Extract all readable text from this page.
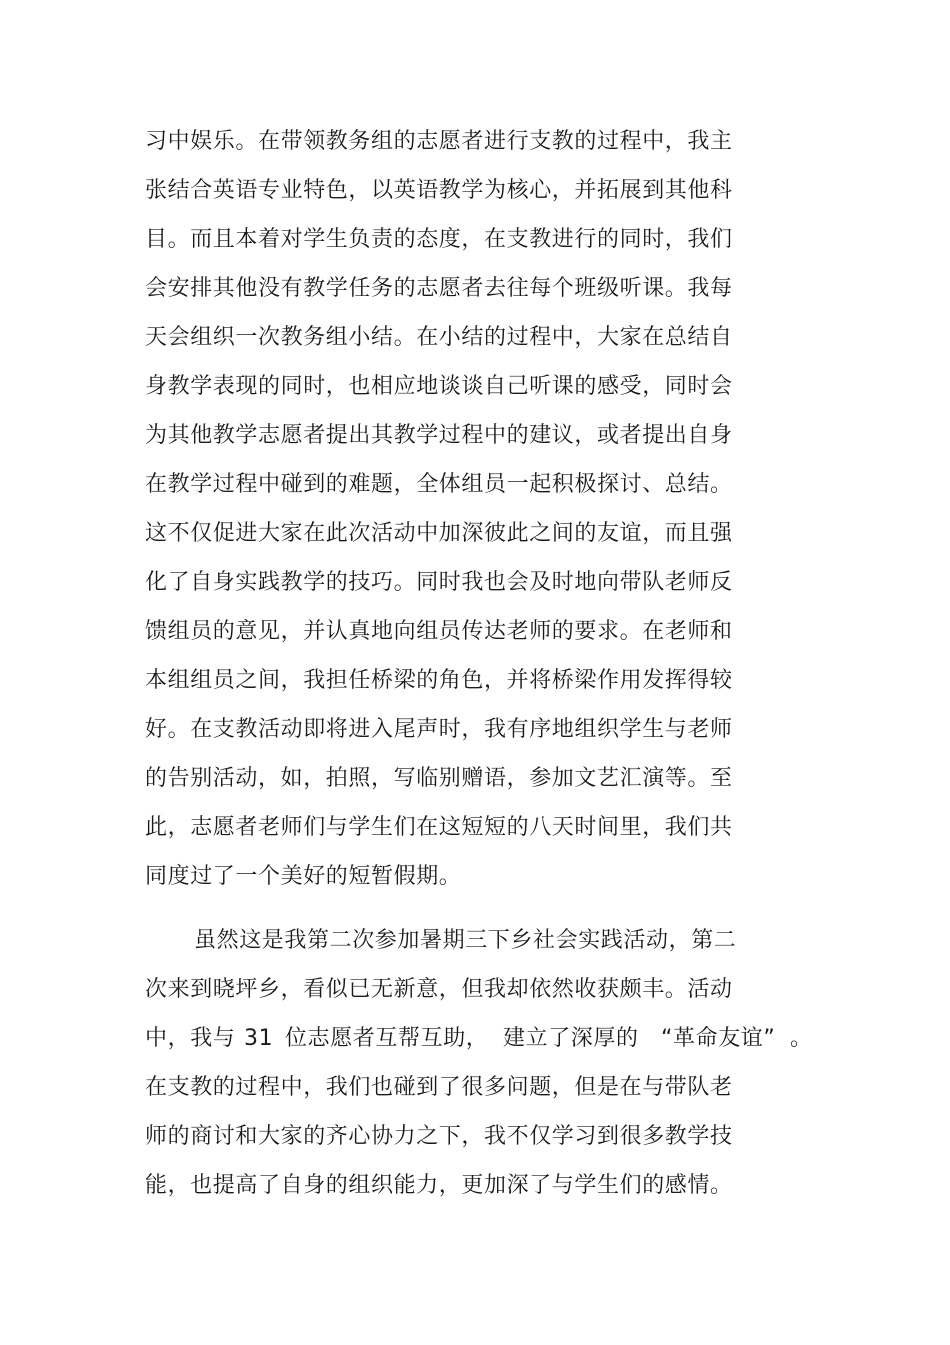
习中娱乐。在带领教务组的志愿者进行支教的过程中，我主
张结合英语专业特色，以英语教学为核心，并拓展到其他科
目。而且本着对学生负责的态度，在支教进行的同时，我们
会安排其他没有教学任务的志愿者去往每个班级听课。我每
天会组织一次教务组小结。在小结的过程中，大家在总结自
身教学表现的同时，也相应地谈谈自己听课的感受，同时会
为其他教学志愿者提出其教学过程中的建议，或者提出自身
在教学过程中碰到的难题，全体组员一起积极探讨、总结。
这不仅促进大家在此次活动中加深彼此之间的友谊，而且强
化了自身实践教学的技巧。同时我也会及时地向带队老师反
馈组员的意见，并认真地向组员传达老师的要求。在老师和
本组组员之间，我担任桥梁的角色，并将桥梁作用发挥得较
好。在支教活动即将进入尾声时，我有序地组织学生与老师
的告别活动，如，拍照，写临别赠语，参加文艺汇演等。至
此，志愿者老师们与学生们在这短短的八天时间里，我们共
同度过了一个美好的短暂假期。
虽然这是我第二次参加暑期三下乡社会实践活动，第二
次来到晓坪乡，看似已无新意，但我却依然收获颇丰。活动
中，我与 31 位志愿者互帮互助， 建立了深厚的 “革命友谊” 。
在支教的过程中，我们也碰到了很多问题，但是在与带队老
师的商讨和大家的齐心协力之下，我不仅学习到很多教学技
能，也提高了自身的组织能力，更加深了与学生们的感情。
